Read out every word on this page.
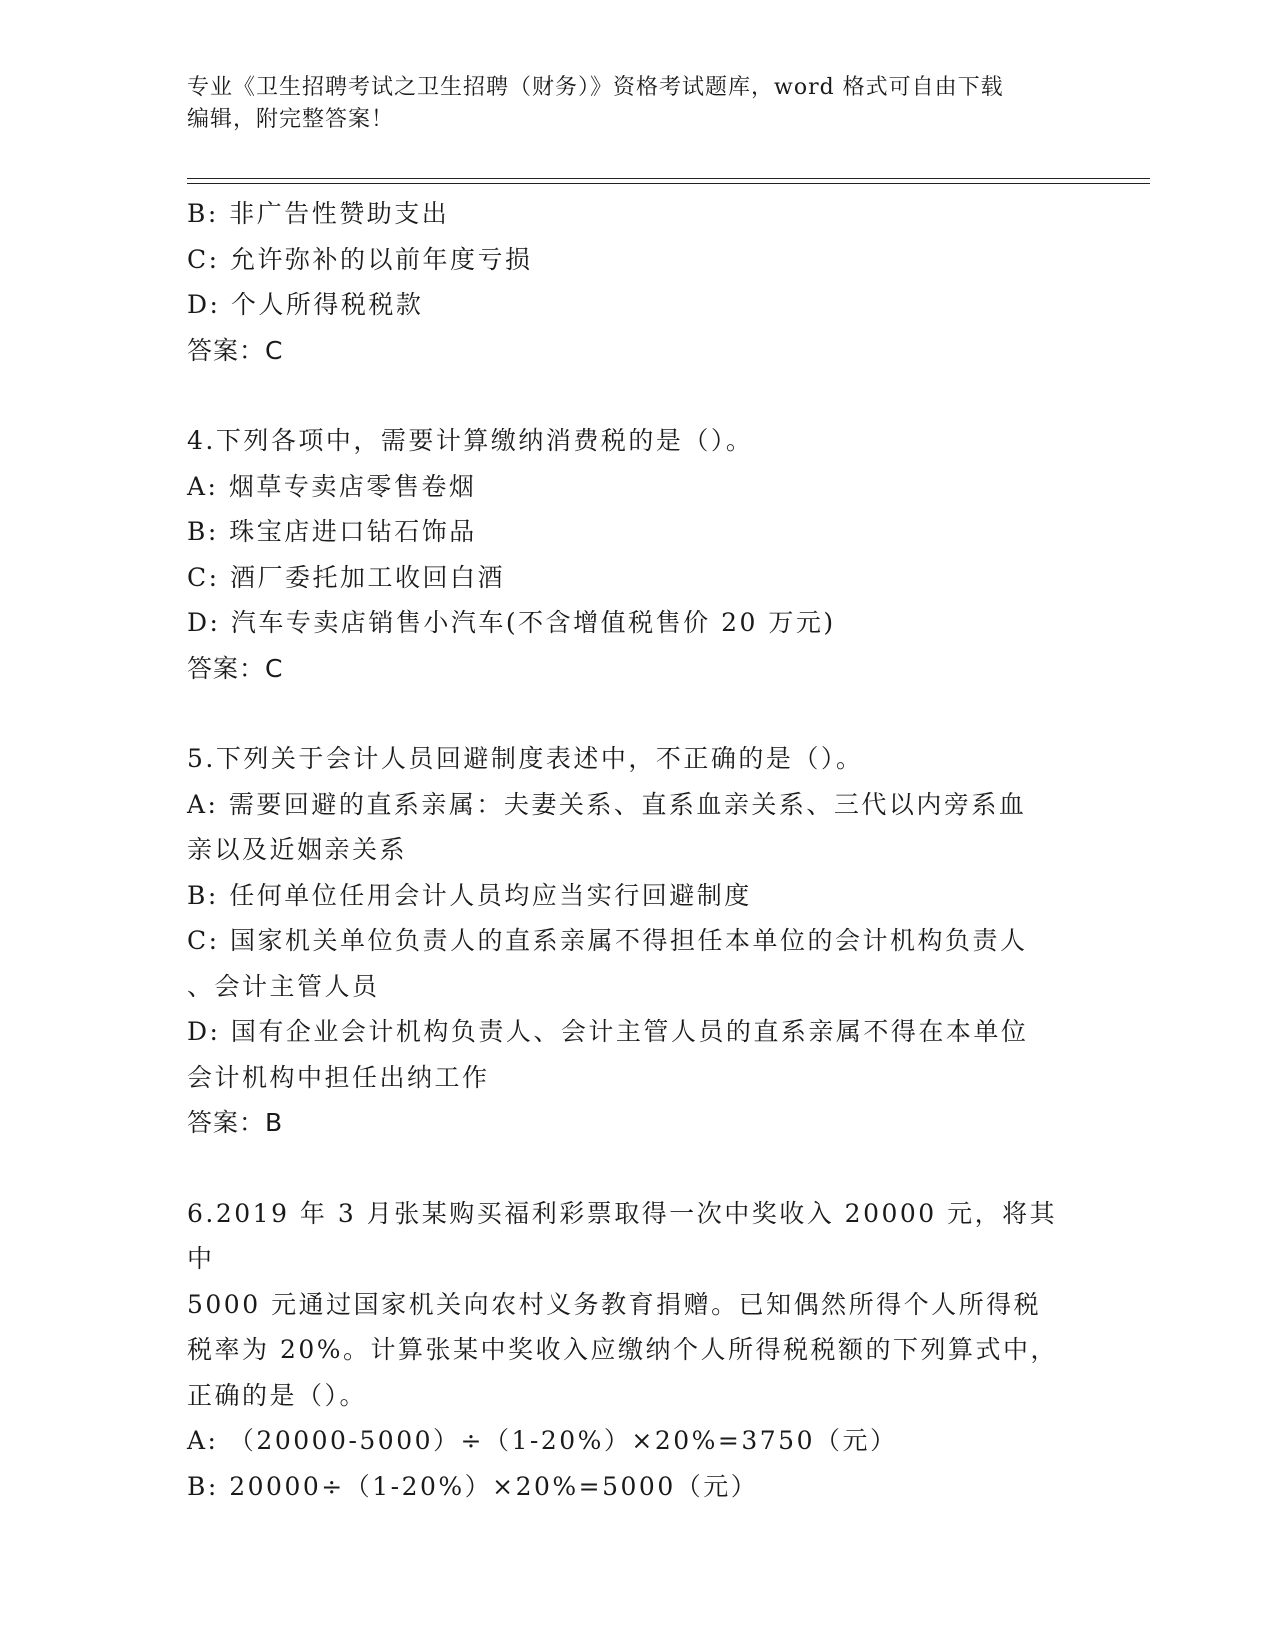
专业《卫生招聘考试之卫生招聘（财务）》资格考试题库，word 格式可自由下载
编辑，附完整答案！

B: 非广告性赞助支出

C: 允许弥补的以前年度亏损

D: 个人所得税税款

答案：C

4.下列各项中，需要计算缴纳消费税的是（）。

A: 烟草专卖店零售卷烟

B: 珠宝店进口钻石饰品

C: 酒厂委托加工收回白酒

D: 汽车专卖店销售小汽车(不含增值税售价 20 万元)

答案：C

5.下列关于会计人员回避制度表述中，不正确的是（）。

A: 需要回避的直系亲属：夫妻关系、直系血亲关系、三代以内旁系血

亲以及近姻亲关系

B: 任何单位任用会计人员均应当实行回避制度

C: 国家机关单位负责人的直系亲属不得担任本单位的会计机构负责人

、会计主管人员

D: 国有企业会计机构负责人、会计主管人员的直系亲属不得在本单位

会计机构中担任出纳工作

答案：B

6.2019 年 3 月张某购买福利彩票取得一次中奖收入 20000 元，将其中

5000 元通过国家机关向农村义务教育捐赠。已知偶然所得个人所得税

税率为 20%。计算张某中奖收入应缴纳个人所得税税额的下列算式中，

正确的是（）。

A: （20000-5000）÷（1-20%）×20%=3750（元）

B: 20000÷（1-20%）×20%=5000（元）
